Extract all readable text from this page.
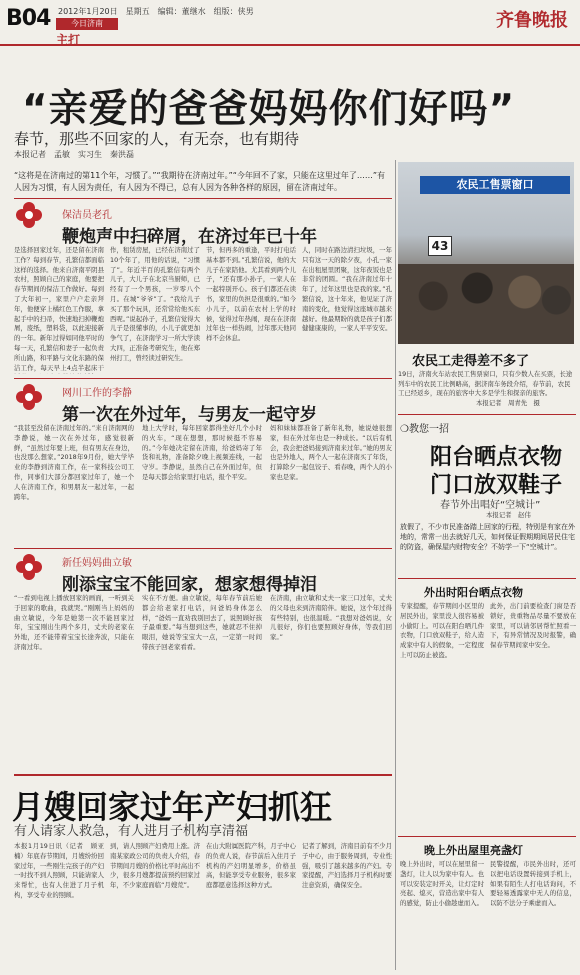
B04 2012年1月20日　星期五　编辑：董继水　组版：侠男
今日济南
主打
齐鲁晚报
“亲爱的爸爸妈妈你们好吗”
春节，那些不回家的人，有无奈，也有期待
本报记者　孟敏　实习生　秦洪磊
“这将是在济南过的第11个年，习惯了。”“我期待在济南过年。”“今年回不了家，只能在这里过年了……”有人因为习惯，有人因为责任，有人因为不得已，总有人因为各种各样的原因，留在济南过年。
保洁员老孔
鞭炮声中扫碎屑，在济过年已十年
是选择回家过年，还是留在济南工作？每到春节，孔繁信都面临这样的选择。他来自济南平阴县农村，照顾自己的家庭，他要把春节期间的保洁工作做好。每到了大年初一，家里户户走亲拜年，他便穿上橘红色工作服，拿起手中的扫帚，快速地扫掉鞭炮屑，废纸，塑料袋，以此迎接新的一年。新年过得如同他平时的每一天，孔繁信和妻子一起负责所山路，和平路与文化东路的保洁工作，每天早上4点半起床干
作，租赁房屋，已经在济南过了10个年了，用他的话说，“习惯了”。年近半百的孔繁信有两个儿子，大儿子在北京当厨师，已经有了一个男孩，一岁零八个月。在城“爷爷”了。“我给儿子买了那个玩具，还常常给他买东西呢。”说起孙子，孔繁信觉得大儿子是很懂事的，小儿子就更加争气了，在济南学习一所大学读大四，正准备考研究生，他在郑州打工，曾经读过研究生。
节，但再多的重逢，平时打电话基本都不到。”孔繁信说，他的大儿子在家陪他。尤其看到两个儿子，“还有那小孙子，一家人在一起特别开心。孩子们都还在读书，家里的负担是很重的。”如今小儿子，以前在农村上学的时候，觉得过年热闹，现在在济南过年也一样热闹，过年那天他同样不会休息。
人，同时在路边清扫垃圾，一年只有这一天的除夕夜，小孔一家在出租屋里团聚，这年夜饭也是非常的团圆。“我在济南过年十年了，过年这里也是我的家。”孔繁信说，这十年来，他见证了济南的变化，他觉得这座城市越来越好。他最期盼的就是孩子们都健健康康的，一家人平平安安。
网川工作的李静
第一次在外过年，与男友一起守岁
“我甚至没留在济南过年的。”来自济南网的李静说，她一次在外过年，感觉很新鲜，“虽然过年要上班，但有男友在身边，也没那么想家。”2018年9月份，她大学毕业的李静到济南工作，在一家科技公司工作，同事们大部分都回家过年了，她一个人在济南工作，和男朋友一起过年，一起跨年。
地上大学时，每年回家都得坐好几个小时的火车，“现在想想，那时候挺不容易的。”今年她决定留在济南，给爸妈寄了年货和礼物，准备除夕晚上视频连线，一起守岁。李静说，虽然自己在外面过年，但是每天都会给家里打电话，报个平安。
妈和妹妹都准备了新年礼物，她说她很想家，但在外过年也是一种成长。“以后有机会，我会把爸妈接到济南来过年。”她的男友也是外地人，两个人一起在济南买了年货，打算除夕一起包饺子、看春晚，两个人的小家也是家。
新任妈妈曲立敏
刚添宝宝不能回家，想家想得掉泪
“一看到电视上播放回家的画面，一听到关于回家的歌曲，我就哭。”刚刚当上妈妈的曲立敏说，今年是她第一次不能回家过年，宝宝刚出生两个多月，丈夫的老家在外地，还不能带着宝宝长途奔波，只能在济南过年。
实在不方便。曲立敏说，每年春节前后她都会给老家打电话，问爸妈身体怎么样，“爸妈一直劝我别回去了，说照顾好孩子最重要。”每当想到这些，她就忍不住掉眼泪，她说等宝宝大一点，一定第一时间带孩子回老家看看。
在济南，曲立敏和丈夫一家三口过年，丈夫的父母也来到济南陪伴。她说，这个年过得有些特别，也很温暖。“我想对爸妈说，女儿很好，你们也要照顾好身体，等我们回家。”
月嫂回家过年产妇抓狂
有人请家人救急，有人进月子机构享清福
本报1月19日讯（记者　顾亚楠）年底春节期间，月嫂纷纷回家过年，一些刚生完孩子的产妇一时找不到人照顾，只能请家人来帮忙，也有人住进了月子机构，享受专业的照顾。
到，请人照顾产妇费用上涨。济南某家政公司的负责人介绍，春节期间月嫂的价格比平时高出不少，很多月嫂都提前预约回家过年，不少家庭面临“月嫂荒”。
在山大附属医院产科，月子中心的负责人说，春节前后入住月子机构的产妇明显增多，价格虽高，但能享受专业服务，很多家庭都愿意选择这种方式。
记者了解到，济南目前有不少月子中心，由于服务周到，专业性强，吸引了越来越多的产妇。专家提醒，产妇选择月子机构时要注意资质，确保安全。
农民工售票窗口
43
农民工走得差不多了
19日，济南火车站农民工售票窗口，只有少数人在买票，长途列车中的农民工比例略高，据济南车务段介绍，春节前，农民工已经返乡，现在的旅客中大多是学生和探亲的旅客。
本报记者　周青先　摄
❍教您一招
阳台晒点衣物
门口放双鞋子
春节外出唱好“空城计”
本报记者　赵伟
放假了，不少市民准备踏上回家的行程，特别是有家在外地的，常常一出去就好几天，如何保证假期期间居民住宅的防盗，确保屋内财物安全？不妨学一下“空城计”。
外出时阳台晒点衣物
专家提醒，春节期间小区里的居民外出，家里没人很容易被小偷盯上。可以在阳台晒几件衣物，门口放双鞋子，给人造成家中有人的假象，一定程度上可以防止被盗。
此外，出门前要检查门窗是否锁好，贵重物品尽量不要放在家里，可以请邻居帮忙照看一下，有异常情况及时报警，确保春节期间家中安全。
晚上外出屋里亮盏灯
晚上外出时，可以在屋里留一盏灯，让人以为家中有人。也可以安装定时开关，让灯定时亮起、熄灭，营造出家中有人的感觉，防止小偷趁虚而入。
民警提醒，市民外出时，还可以把电话设置转接到手机上，如果有陌生人打电话询问，不要轻易透露家中无人的信息，以防不法分子乘虚而入。
